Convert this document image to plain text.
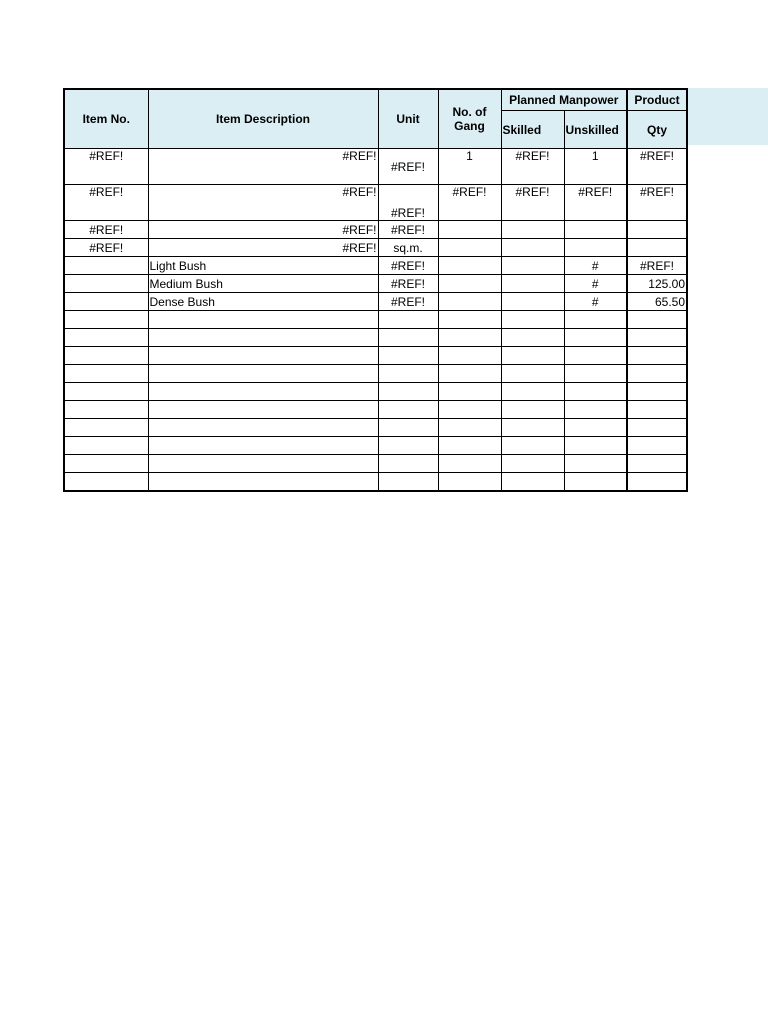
Item No.	Item Description	Unit	No. of Gang	Planned Manpower		Product
				Skilled	Unskilled	Qty
#REF!	#REF!	#REF!	1	#REF!	1	#REF!
#REF!	#REF!	#REF!	#REF!	#REF!	#REF!	#REF!
#REF!	#REF!	#REF!				
#REF!	#REF!	sq.m.				
	Light Bush	#REF!			#	#REF!
	Medium Bush	#REF!			#	125.00
	Dense Bush	#REF!			#	65.50
